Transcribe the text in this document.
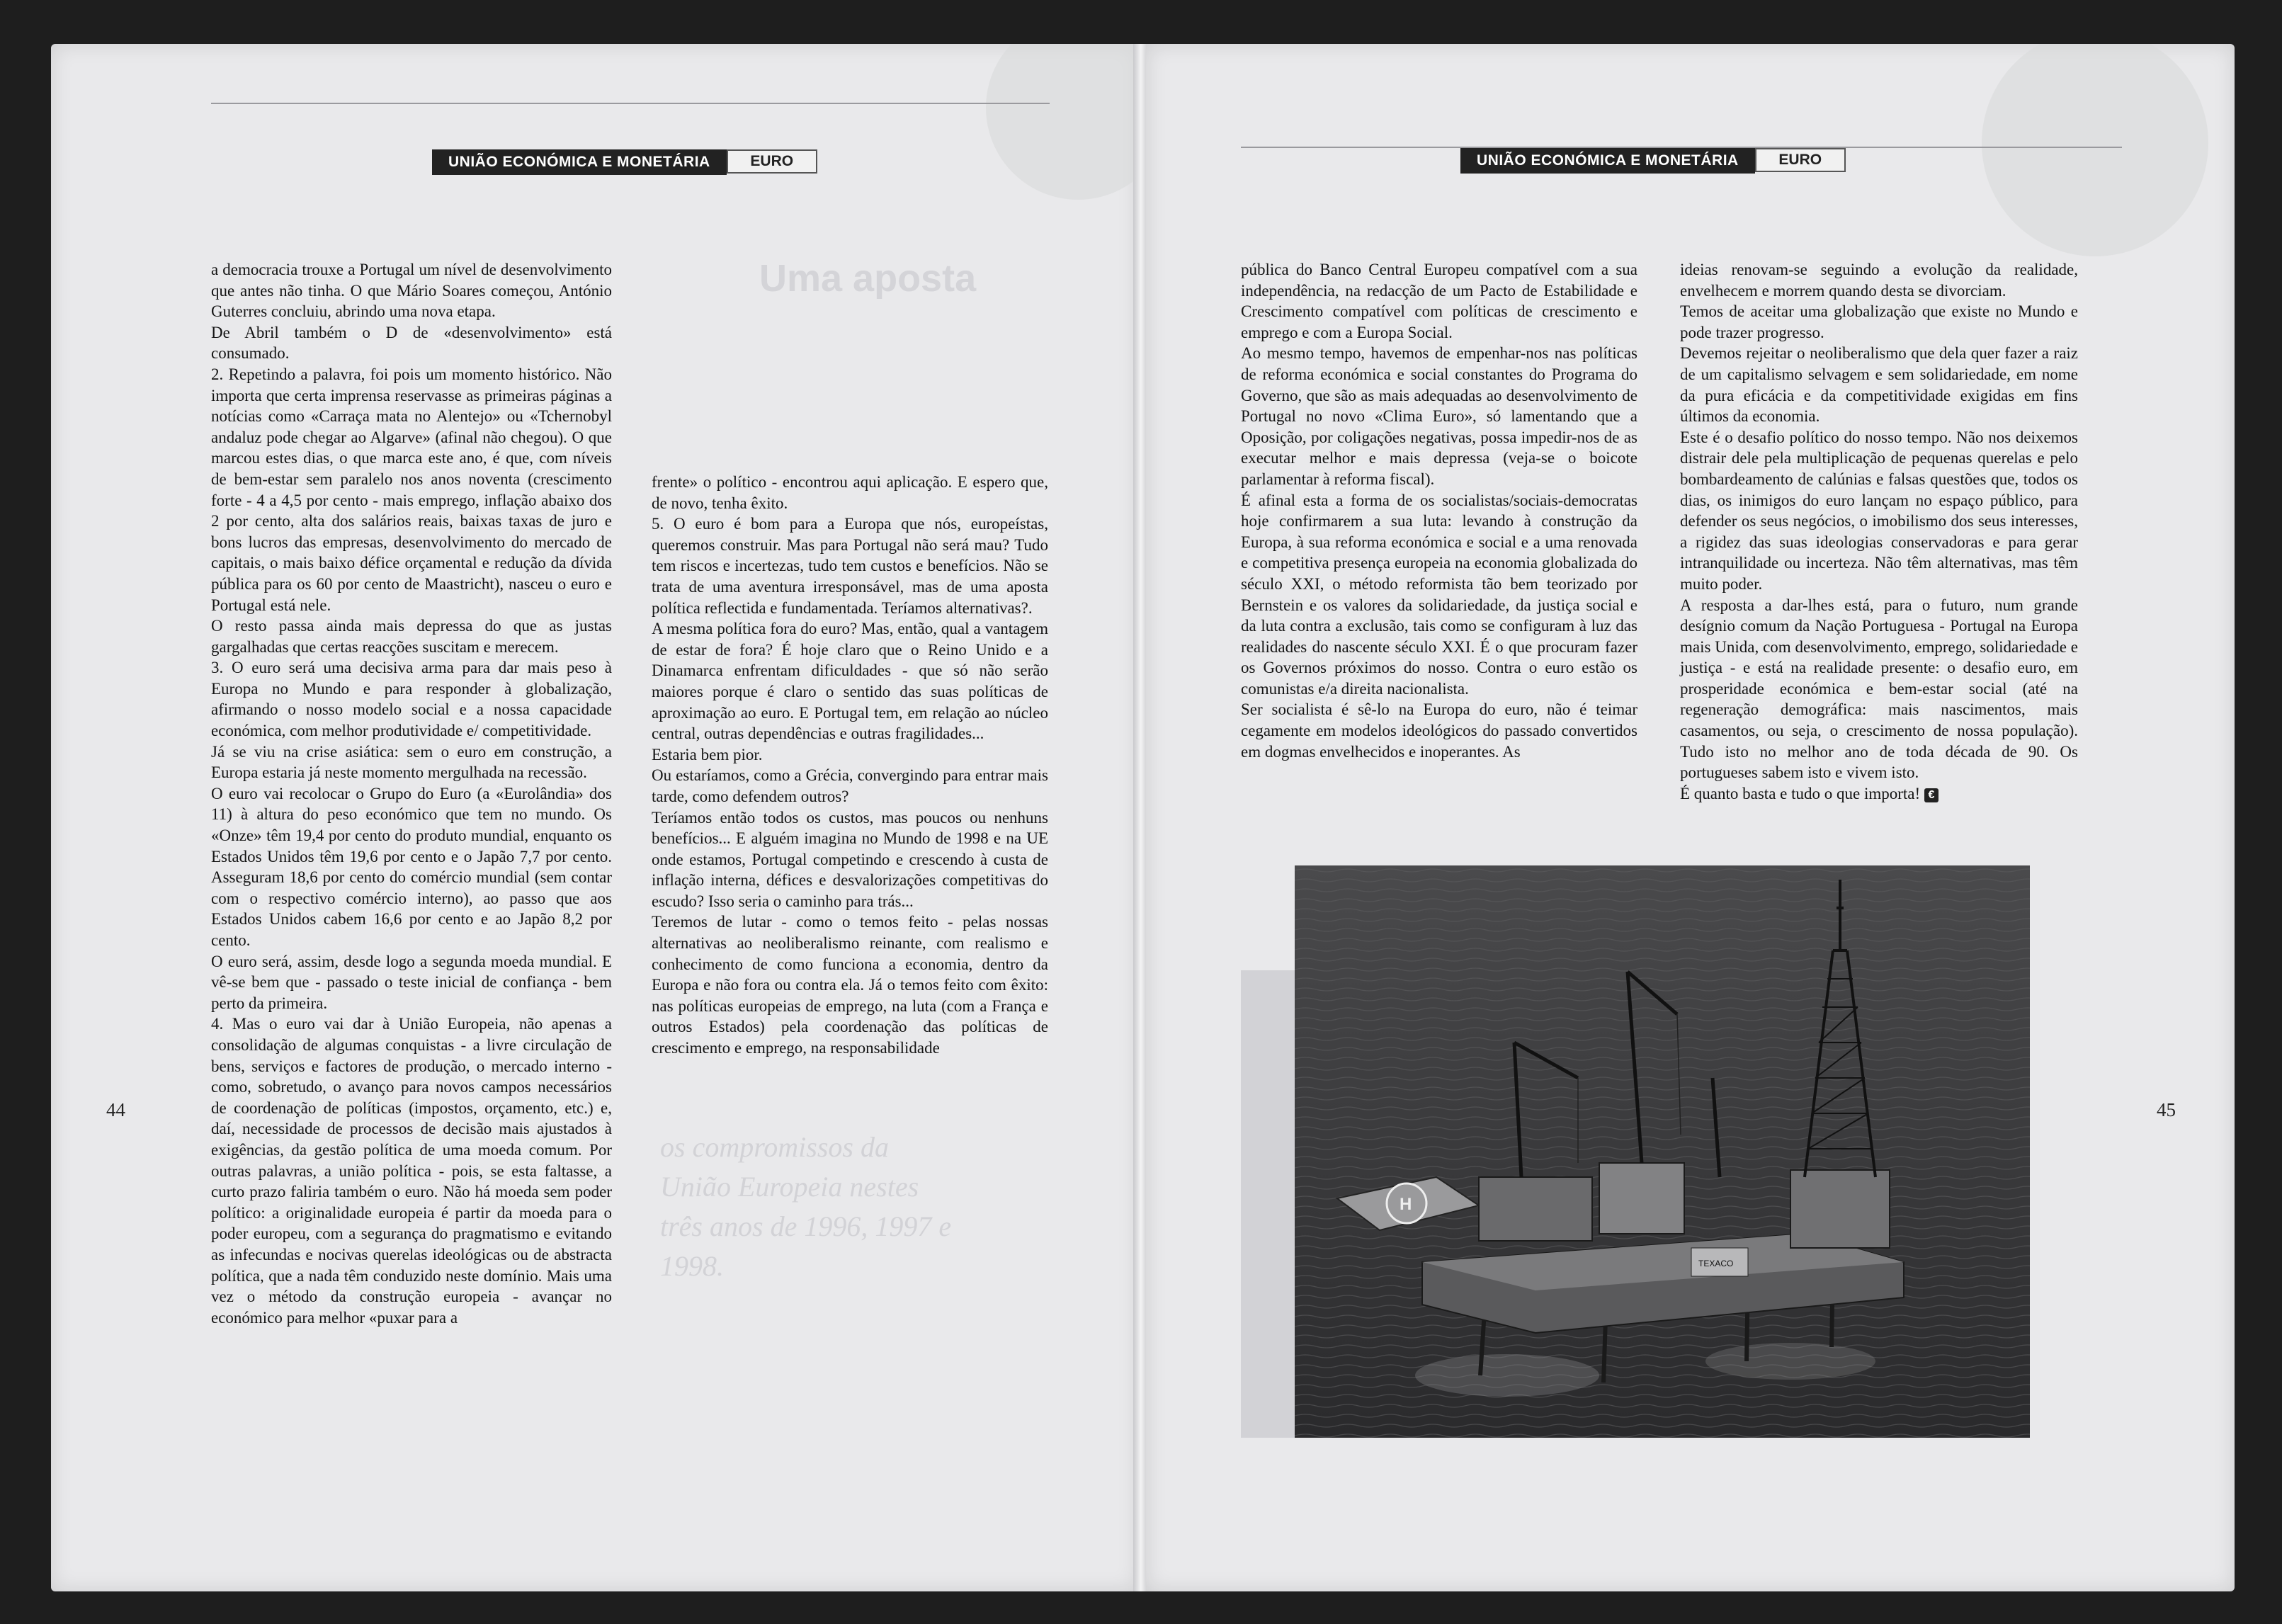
Uma aposta
os compromissos da União Europeia nestes três anos de 1996, 1997 e 1998.
44	45
UNIÃO ECONÓMICA E MONETÁRIA	EURO	UNIÃO ECONÓMICA E MONETÁRIA	EURO

a democracia trouxe a Portugal um nível de desenvolvimento que antes não tinha. O que Mário Soares começou, António Guterres concluiu, abrindo uma nova etapa.

De Abril também o D de «desenvolvimento» está consumado.

2. Repetindo a palavra, foi pois um momento histórico. Não importa que certa imprensa reservasse as primeiras páginas a notícias como «Carraça mata no Alentejo» ou «Tchernobyl andaluz pode chegar ao Algarve» (afinal não chegou). O que marcou estes dias, o que marca este ano, é que, com níveis de bem-estar sem paralelo nos anos noventa (crescimento forte - 4 a 4,5 por cento - mais emprego, inflação abaixo dos 2 por cento, alta dos salários reais, baixas taxas de juro e bons lucros das empresas, desenvolvimento do mercado de capitais, o mais baixo défice orçamental e redução da dívida pública para os 60 por cento de Maastricht), nasceu o euro e Portugal está nele.

O resto passa ainda mais depressa do que as justas gargalhadas que certas reacções suscitam e merecem.

3. O euro será uma decisiva arma para dar mais peso à Europa no Mundo e para responder à globalização, afirmando o nosso modelo social e a nossa capacidade económica, com melhor produtividade e/ competitividade.

Já se viu na crise asiática: sem o euro em construção, a Europa estaria já neste momento mergulhada na recessão.

O euro vai recolocar o Grupo do Euro (a «Eurolândia» dos 11) à altura do peso económico que tem no mundo. Os «Onze» têm 19,4 por cento do produto mundial, enquanto os Estados Unidos têm 19,6 por cento e o Japão 7,7 por cento. Asseguram 18,6 por cento do comércio mundial (sem contar com o respectivo comércio interno), ao passo que aos Estados Unidos cabem 16,6 por cento e ao Japão 8,2 por cento.

O euro será, assim, desde logo a segunda moeda mundial. E vê-se bem que - passado o teste inicial de confiança - bem perto da primeira.

4. Mas o euro vai dar à União Europeia, não apenas a consolidação de algumas conquistas - a livre circulação de bens, serviços e factores de produção, o mercado interno - como, sobretudo, o avanço para novos campos necessários de coordenação de políticas (impostos, orçamento, etc.) e, daí, necessidade de processos de decisão mais ajustados à exigências, da gestão política de uma moeda comum. Por outras palavras, a união política - pois, se esta faltasse, a curto prazo faliria também o euro. Não há moeda sem poder político: a originalidade europeia é partir da moeda para o poder europeu, com a segurança do pragmatismo e evitando as infecundas e nocivas querelas ideológicas ou de abstracta política, que a nada têm conduzido neste domínio. Mais uma vez o método da construção europeia - avançar no económico para melhor «puxar para a

frente» o político - encontrou aqui aplicação. E espero que, de novo, tenha êxito.

5. O euro é bom para a Europa que nós, europeístas, queremos construir. Mas para Portugal não será mau? Tudo tem riscos e incertezas, tudo tem custos e benefícios. Não se trata de uma aventura irresponsável, mas de uma aposta política reflectida e fundamentada. Teríamos alternativas?.

A mesma política fora do euro? Mas, então, qual a vantagem de estar de fora? É hoje claro que o Reino Unido e a Dinamarca enfrentam dificuldades - que só não serão maiores porque é claro o sentido das suas políticas de aproximação ao euro. E Portugal tem, em relação ao núcleo central, outras dependências e outras fragilidades...

Estaria bem pior.

Ou estaríamos, como a Grécia, convergindo para entrar mais tarde, como defendem outros?

Teríamos então todos os custos, mas poucos ou nenhuns benefícios... E alguém imagina no Mundo de 1998 e na UE onde estamos, Portugal competindo e crescendo à custa de inflação interna, défices e desvalorizações competitivas do escudo? Isso seria o caminho para trás...

Teremos de lutar - como o temos feito - pelas nossas alternativas ao neoliberalismo reinante, com realismo e conhecimento de como funciona a economia, dentro da Europa e não fora ou contra ela. Já o temos feito com êxito: nas políticas europeias de emprego, na luta (com a França e outros Estados) pela coordenação das políticas de crescimento e emprego, na responsabilidade

pública do Banco Central Europeu compatível com a sua independência, na redacção de um Pacto de Estabilidade e Crescimento compatível com políticas de crescimento e emprego e com a Europa Social.

Ao mesmo tempo, havemos de empenhar-nos nas políticas de reforma económica e social constantes do Programa do Governo, que são as mais adequadas ao desenvolvimento de Portugal no novo «Clima Euro», só lamentando que a Oposição, por coligações negativas, possa impedir-nos de as executar melhor e mais depressa (veja-se o boicote parlamentar à reforma fiscal).

É afinal esta a forma de os socialistas/sociais-democratas hoje confirmarem a sua luta: levando à construção da Europa, à sua reforma económica e social e a uma renovada e competitiva presença europeia na economia globalizada do século XXI, o método reformista tão bem teorizado por Bernstein e os valores da solidariedade, da justiça social e da luta contra a exclusão, tais como se configuram à luz das realidades do nascente século XXI. É o que procuram fazer os Governos próximos do nosso. Contra o euro estão os comunistas e/a direita nacionalista.

Ser socialista é sê-lo na Europa do euro, não é teimar cegamente em modelos ideológicos do passado convertidos em dogmas envelhecidos e inoperantes. As

ideias renovam-se seguindo a evolução da realidade, envelhecem e morrem quando desta se divorciam.

Temos de aceitar uma globalização que existe no Mundo e pode trazer progresso.

Devemos rejeitar o neoliberalismo que dela quer fazer a raiz de um capitalismo selvagem e sem solidariedade, em nome da pura eficácia e da competitividade exigidas em fins últimos da economia.

Este é o desafio político do nosso tempo. Não nos deixemos distrair dele pela multiplicação de pequenas querelas e pelo bombardeamento de calúnias e falsas questões que, todos os dias, os inimigos do euro lançam no espaço público, para defender os seus negócios, o imobilismo dos seus interesses, a rigidez das suas ideologias conservadoras e para gerar intranquilidade ou incerteza. Não têm alternativas, mas têm muito poder.

A resposta a dar-lhes está, para o futuro, num grande desígnio comum da Nação Portuguesa - Portugal na Europa mais Unida, com desenvolvimento, emprego, solidariedade e justiça - e está na realidade presente: o desafio euro, em prosperidade económica e bem-estar social (até na regeneração demográfica: mais nascimentos, mais casamentos, ou seja, o crescimento de nossa população). Tudo isto no melhor ano de toda década de 90. Os portugueses sabem isto e vivem isto.

É quanto basta e tudo o que importa! €

TEXACO
H
